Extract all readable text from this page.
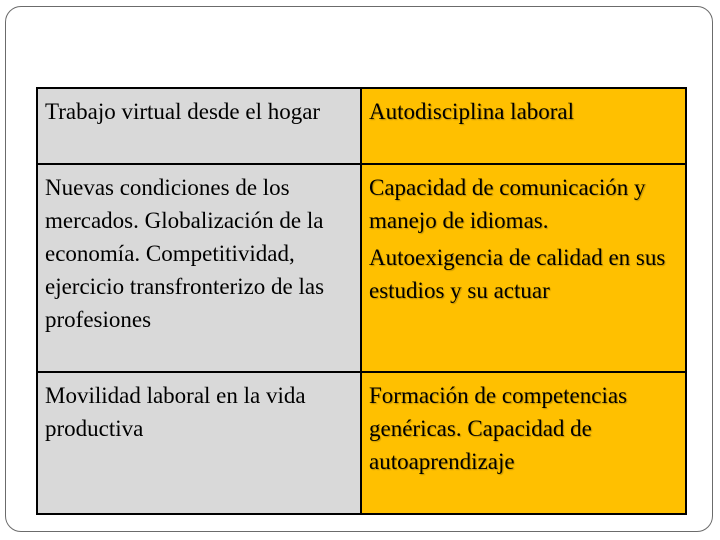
Trabajo virtual desde el hogar	Autodisciplina laboral

Nuevas condiciones de los mercados. Globalización de la economía. Competitividad, ejercicio transfronterizo de las profesiones	Capacidad de comunicación y manejo de idiomas.
Autoexigencia de calidad en sus estudios y su actuar

Movilidad laboral en la vida productiva	Formación de competencias genéricas. Capacidad de autoaprendizaje
